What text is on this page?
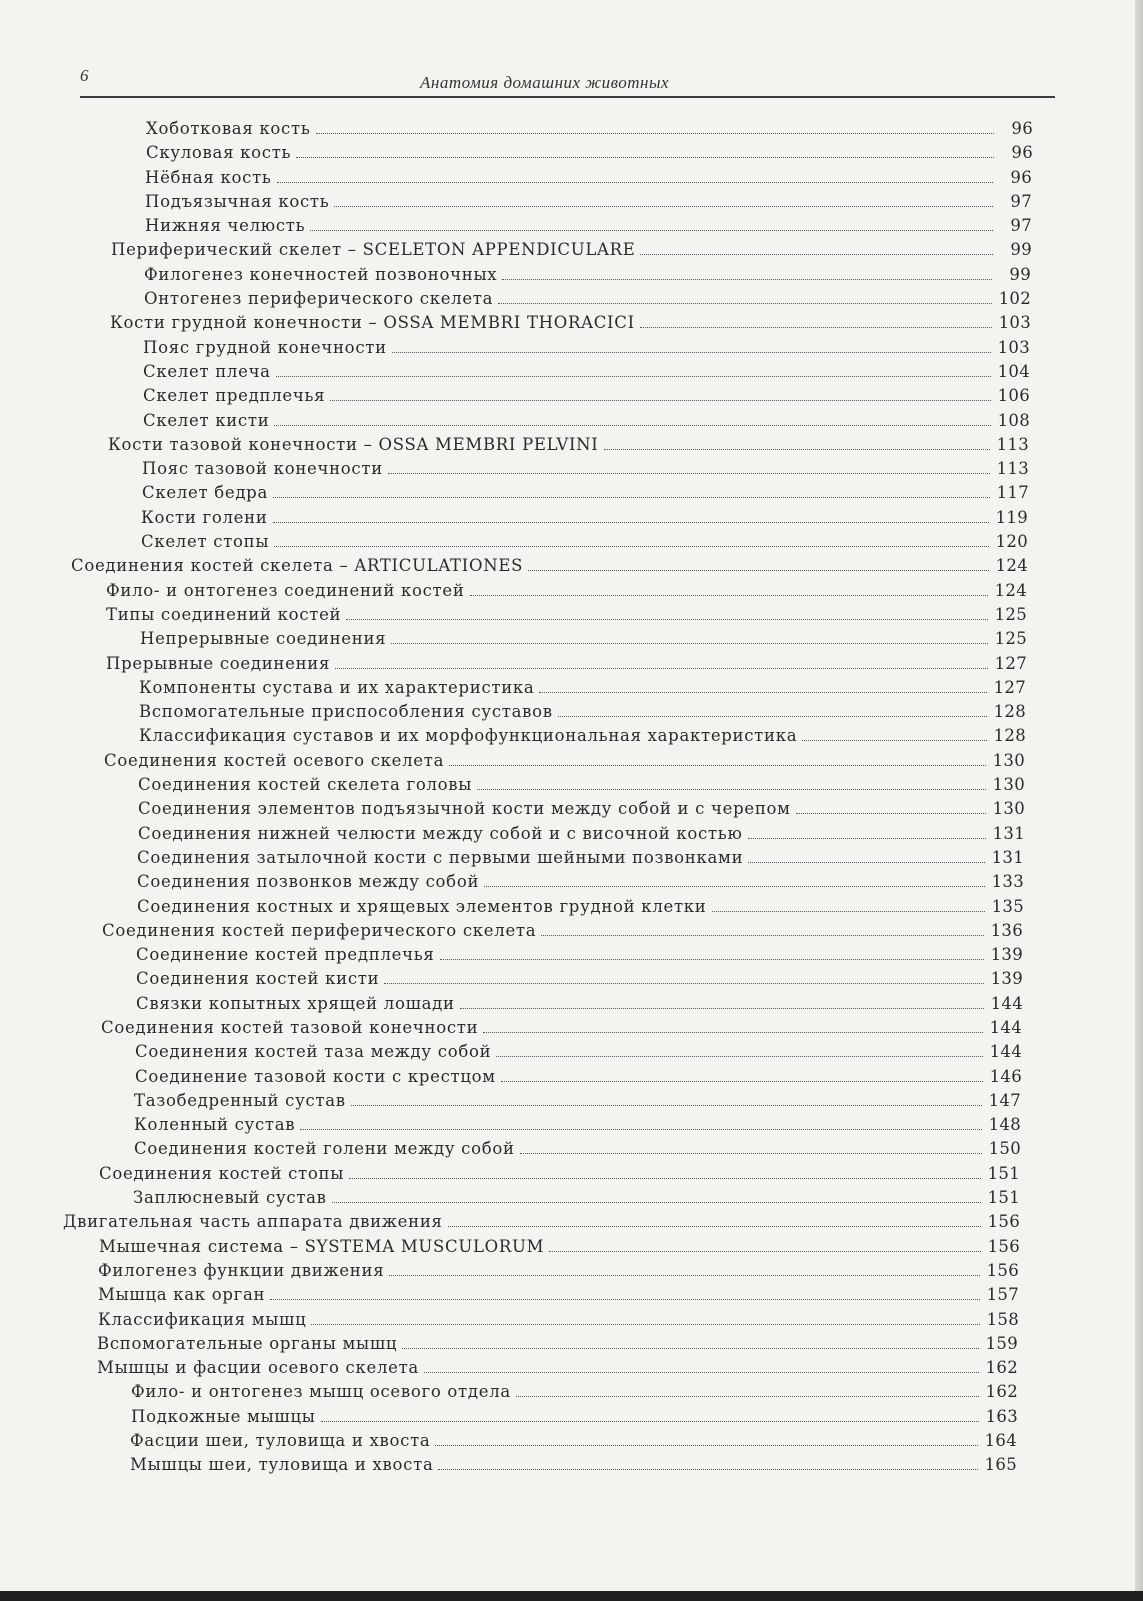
6	Анатомия домашних животных
Хоботковая кость	96
Скуловая кость	96
Нёбная кость	96
Подъязычная кость	97
Нижняя челюсть	97
Периферический скелет – SCELETON APPENDICULARE	99
Филогенез конечностей позвоночных	99
Онтогенез периферического скелета	102
Кости грудной конечности – OSSA MEMBRI THORACICI	103
Пояс грудной конечности	103
Скелет плеча	104
Скелет предплечья	106
Скелет кисти	108
Кости тазовой конечности – OSSA MEMBRI PELVINI	113
Пояс тазовой конечности	113
Скелет бедра	117
Кости голени	119
Скелет стопы	120
Соединения костей скелета – ARTICULATIONES	124
Фило- и онтогенез соединений костей	124
Типы соединений костей	125
Непрерывные соединения	125
Прерывные соединения	127
Компоненты сустава и их характеристика	127
Вспомогательные приспособления суставов	128
Классификация суставов и их морфофункциональная характеристика	128
Соединения костей осевого скелета	130
Соединения костей скелета головы	130
Соединения элементов подъязычной кости между собой и с черепом	130
Соединения нижней челюсти между собой и с височной костью	131
Соединения затылочной кости с первыми шейными позвонками	131
Соединения позвонков между собой	133
Соединения костных и хрящевых элементов грудной клетки	135
Соединения костей периферического скелета	136
Соединение костей предплечья	139
Соединения костей кисти	139
Связки копытных хрящей лошади	144
Соединения костей тазовой конечности	144
Соединения костей таза между собой	144
Соединение тазовой кости с крестцом	146
Тазобедренный сустав	147
Коленный сустав	148
Соединения костей голени между собой	150
Соединения костей стопы	151
Заплюсневый сустав	151
Двигательная часть аппарата движения	156
Мышечная система – SYSTEMA MUSCULORUM	156
Филогенез функции движения	156
Мышца как орган	157
Классификация мышц	158
Вспомогательные органы мышц	159
Мышцы и фасции осевого скелета	162
Фило- и онтогенез мышц осевого отдела	162
Подкожные мышцы	163
Фасции шеи, туловища и хвоста	164
Мышцы шеи, туловища и хвоста	165
